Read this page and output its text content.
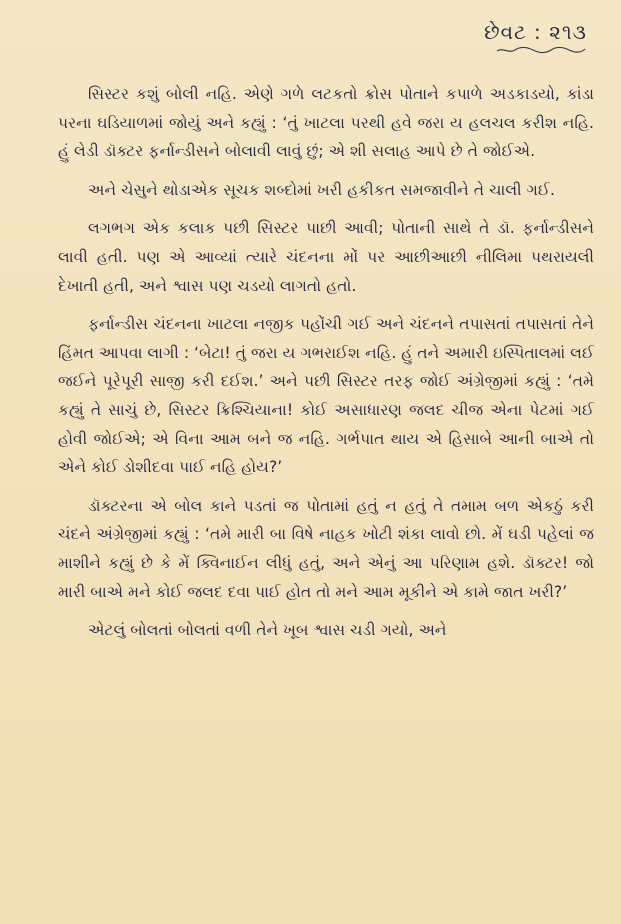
છેવટ : ૨૧૩

સિસ્ટર કશું બોલી નહિ. એણે ગળે લટકતો ક્રોસ પોતાને કપાળે અડકાડયો, કાંડા પરના ઘડિયાળમાં જોયું અને કહ્યું : ‘તું ખાટલા પરથી હવે જરા ય હલચલ કરીશ નહિ. હું લેડી ડૉક્ટર ફર્નાન્ડીસને બોલાવી લાવું છું; એ શી સલાહ આપે છે તે જોઈએ.

અને ચેસુને થોડાએક સૂચક શબ્દોમાં ખરી હકીકત સમજાવીને તે ચાલી ગઈ.

લગભગ એક કલાક પછી સિસ્ટર પાછી આવી; પોતાની સાથે તે ડૉ. ફર્નાન્ડીસને લાવી હતી. પણ એ આવ્યાં ત્યારે ચંદનના મોં પર આછીઆછી નીલિમા પથરાયલી દેખાતી હતી, અને શ્વાસ પણ ચડયો લાગતો હતો.

ફર્નાન્ડીસ ચંદનના ખાટલા નજીક પહોંચી ગઈ અને ચંદનને તપાસતાં તપાસતાં તેને હિંમત આપવા લાગી : ‘બેટા! તું જરા ય ગભરાઈશ નહિ. હું તને અમારી ઇસ્પિતાલમાં લઈ જઈને પૂરેપૂરી સાજી કરી દઈશ.’ અને પછી સિસ્ટર તરફ જોઈ અંગ્રેજીમાં કહ્યું : ‘તમે કહ્યું તે સાચું છે, સિસ્ટર ક્રિશ્ચિયાના! કોઈ અસાધારણ જલદ ચીજ એના પેટમાં ગઈ હોવી જોઈએ; એ વિના આમ બને જ નહિ. ગર્ભપાત થાય એ હિસાબે આની બાએ તો એને કોઈ ડોશીદવા પાઈ નહિ હોય?’

ડૉક્ટરના એ બોલ કાને પડતાં જ પોતામાં હતું ન હતું તે તમામ બળ એકઠું કરી ચંદને અંગ્રેજીમાં કહ્યું : ‘તમે મારી બા વિષે નાહક ખોટી શંકા લાવો છો. મેં ઘડી પહેલાં જ માશીને કહ્યું છે કે મેં ક્વિનાઈન લીધું હતું, અને એનું આ પરિણામ હશે. ડૉક્ટર! જો મારી બાએ મને કોઈ જલદ દવા પાઈ હોત તો મને આમ મૂકીને એ કામે જાત ખરી?’

એટલું બોલતાં બોલતાં વળી તેને ખૂબ શ્વાસ ચડી ગયો, અને
